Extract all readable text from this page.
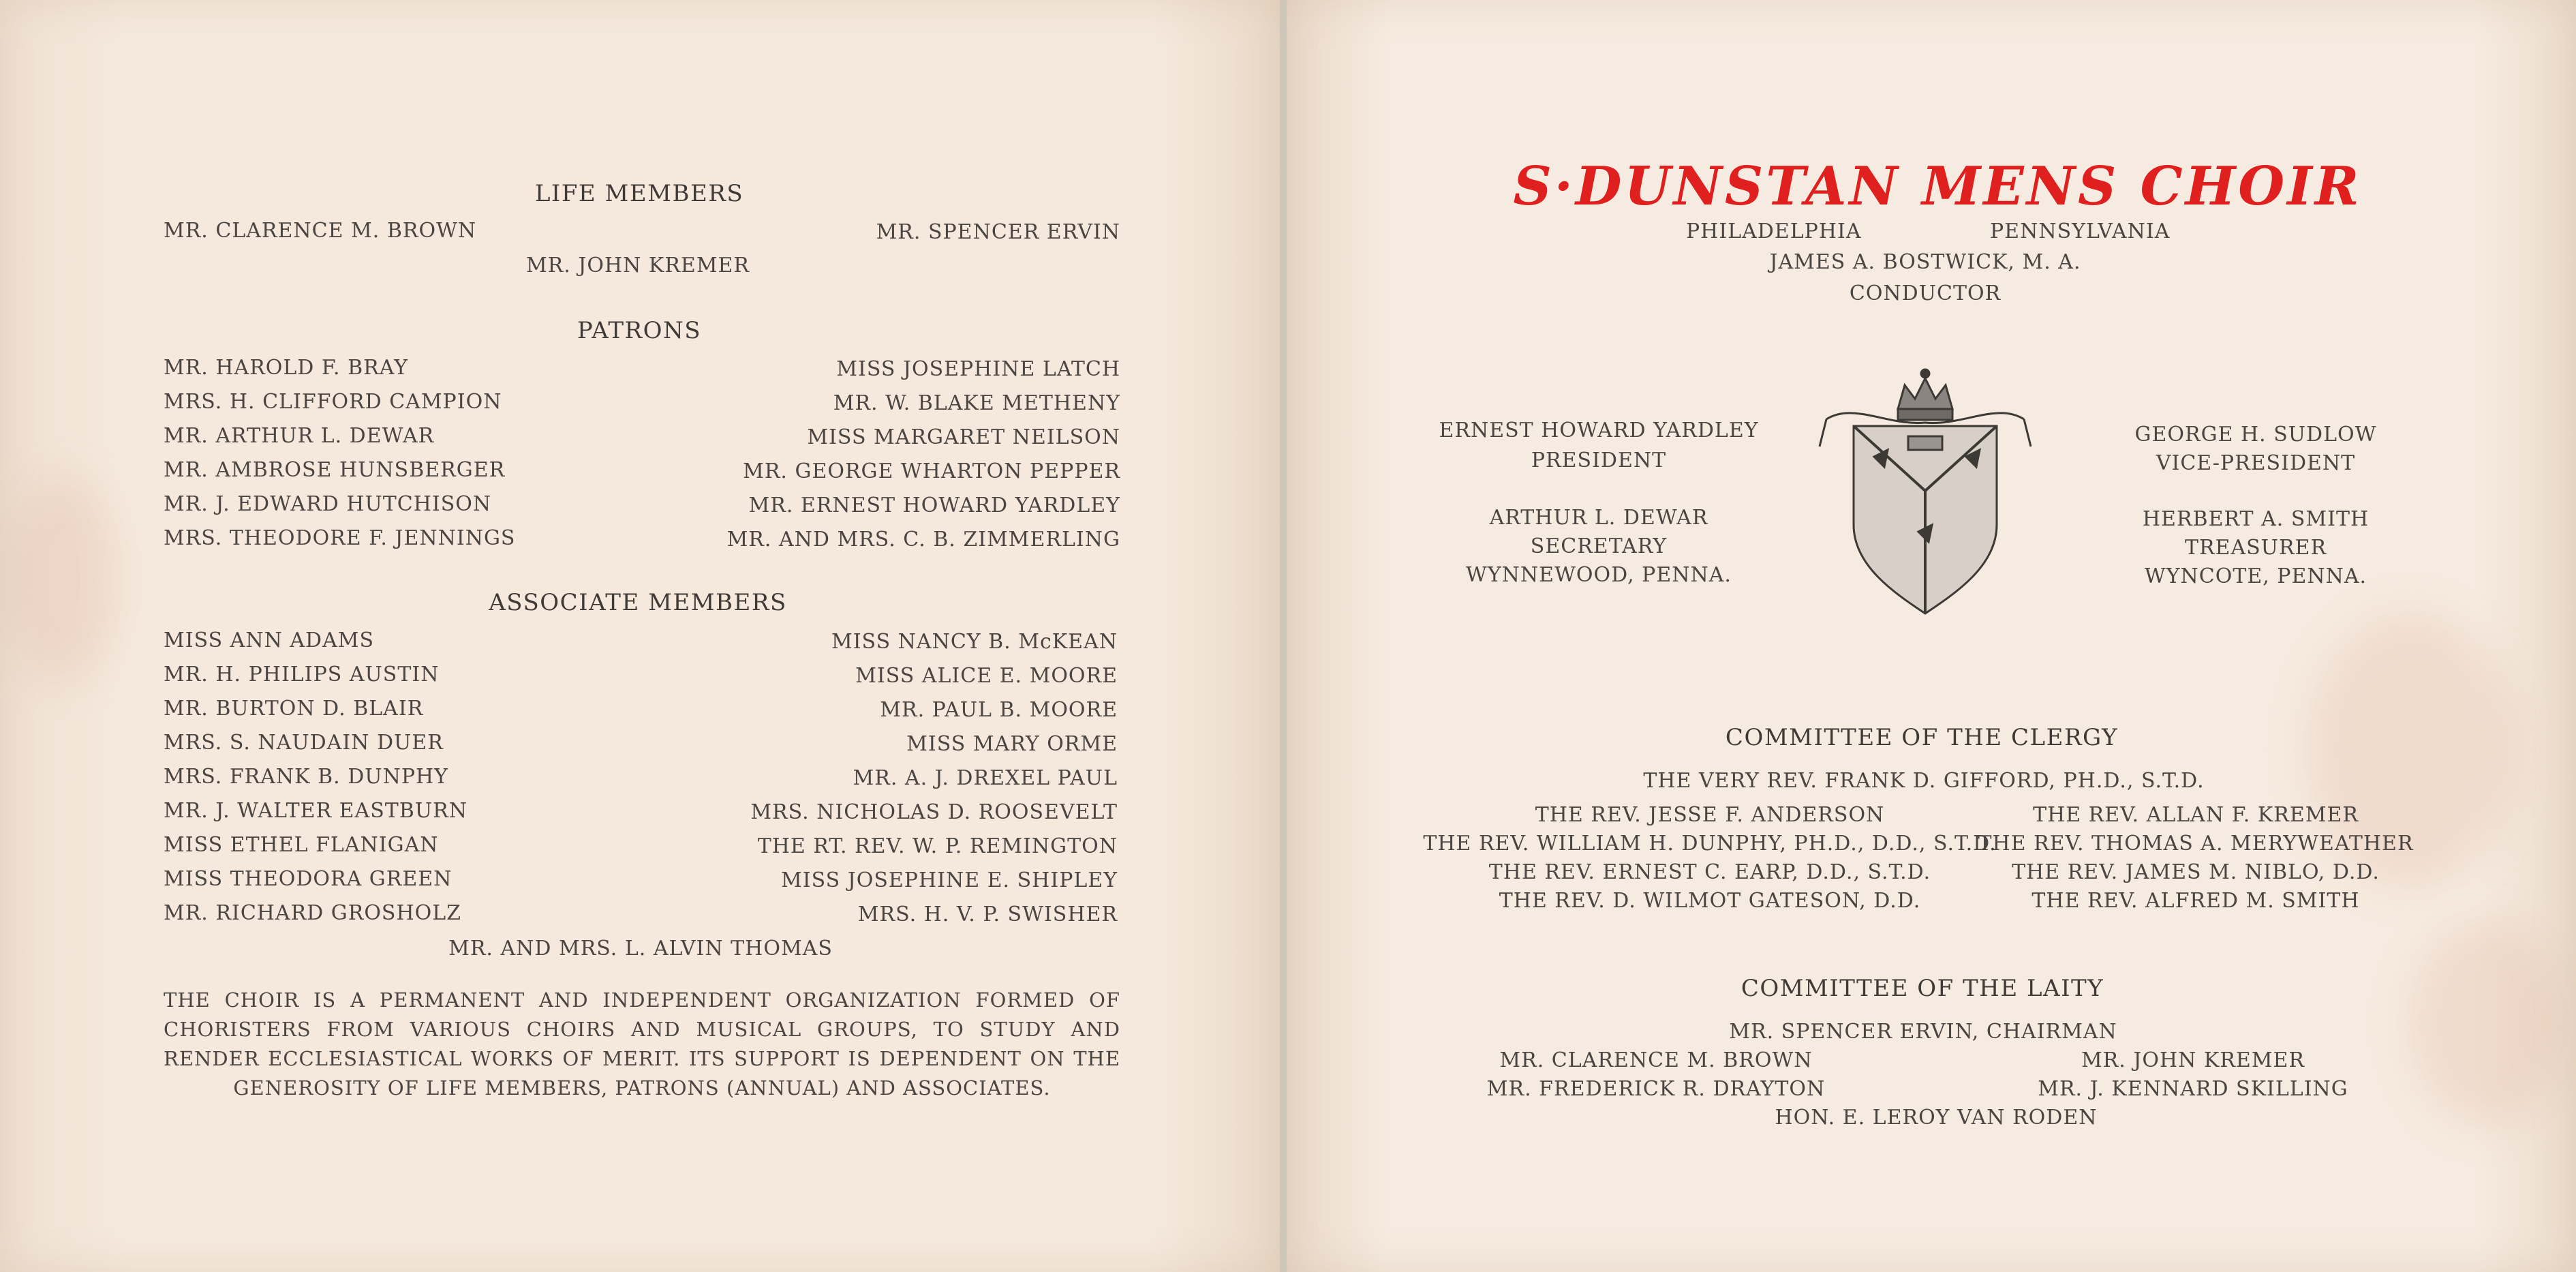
LIFE MEMBERS
MR. CLARENCE M. BROWN	MR. SPENCER ERVIN
MR. JOHN KREMER
PATRONS
MR. HAROLD F. BRAY
MRS. H. CLIFFORD CAMPION
MR. ARTHUR L. DEWAR
MR. AMBROSE HUNSBERGER
MR. J. EDWARD HUTCHISON
MRS. THEODORE F. JENNINGS
MISS JOSEPHINE LATCH
MR. W. BLAKE METHENY
MISS MARGARET NEILSON
MR. GEORGE WHARTON PEPPER
MR. ERNEST HOWARD YARDLEY
MR. AND MRS. C. B. ZIMMERLING
ASSOCIATE MEMBERS
MISS ANN ADAMS
MR. H. PHILIPS AUSTIN
MR. BURTON D. BLAIR
MRS. S. NAUDAIN DUER
MRS. FRANK B. DUNPHY
MR. J. WALTER EASTBURN
MISS ETHEL FLANIGAN
MISS THEODORA GREEN
MR. RICHARD GROSHOLZ
MISS NANCY B. McKEAN
MISS ALICE E. MOORE
MR. PAUL B. MOORE
MISS MARY ORME
MR. A. J. DREXEL PAUL
MRS. NICHOLAS D. ROOSEVELT
THE RT. REV. W. P. REMINGTON
MISS JOSEPHINE E. SHIPLEY
MRS. H. V. P. SWISHER
MR. AND MRS. L. ALVIN THOMAS
THE CHOIR IS A PERMANENT AND INDEPENDENT ORGANIZATION FORMED OF CHORISTERS FROM VARIOUS CHOIRS AND MUSICAL GROUPS, TO STUDY AND RENDER ECCLESIASTICAL WORKS OF MERIT. ITS SUPPORT IS DEPENDENT ON THE
GENEROSITY OF LIFE MEMBERS, PATRONS (ANNUAL) AND ASSOCIATES.
S·DUNSTAN MENS CHOIR
PHILADELPHIA	PENNSYLVANIA
JAMES A. BOSTWICK, M. A.
CONDUCTOR
ERNEST HOWARD YARDLEY
PRESIDENT
ARTHUR L. DEWAR
SECRETARY
WYNNEWOOD, PENNA.
GEORGE H. SUDLOW
VICE-PRESIDENT
HERBERT A. SMITH
TREASURER
WYNCOTE, PENNA.
COMMITTEE OF THE CLERGY
THE VERY REV. FRANK D. GIFFORD, PH.D., S.T.D.
THE REV. JESSE F. ANDERSON
THE REV. WILLIAM H. DUNPHY, PH.D., D.D., S.T.D.
THE REV. ERNEST C. EARP, D.D., S.T.D.
THE REV. D. WILMOT GATESON, D.D.
THE REV. ALLAN F. KREMER
THE REV. THOMAS A. MERYWEATHER
THE REV. JAMES M. NIBLO, D.D.
THE REV. ALFRED M. SMITH
COMMITTEE OF THE LAITY
MR. SPENCER ERVIN, CHAIRMAN
MR. CLARENCE M. BROWN
MR. FREDERICK R. DRAYTON
MR. JOHN KREMER
MR. J. KENNARD SKILLING
HON. E. LEROY VAN RODEN
